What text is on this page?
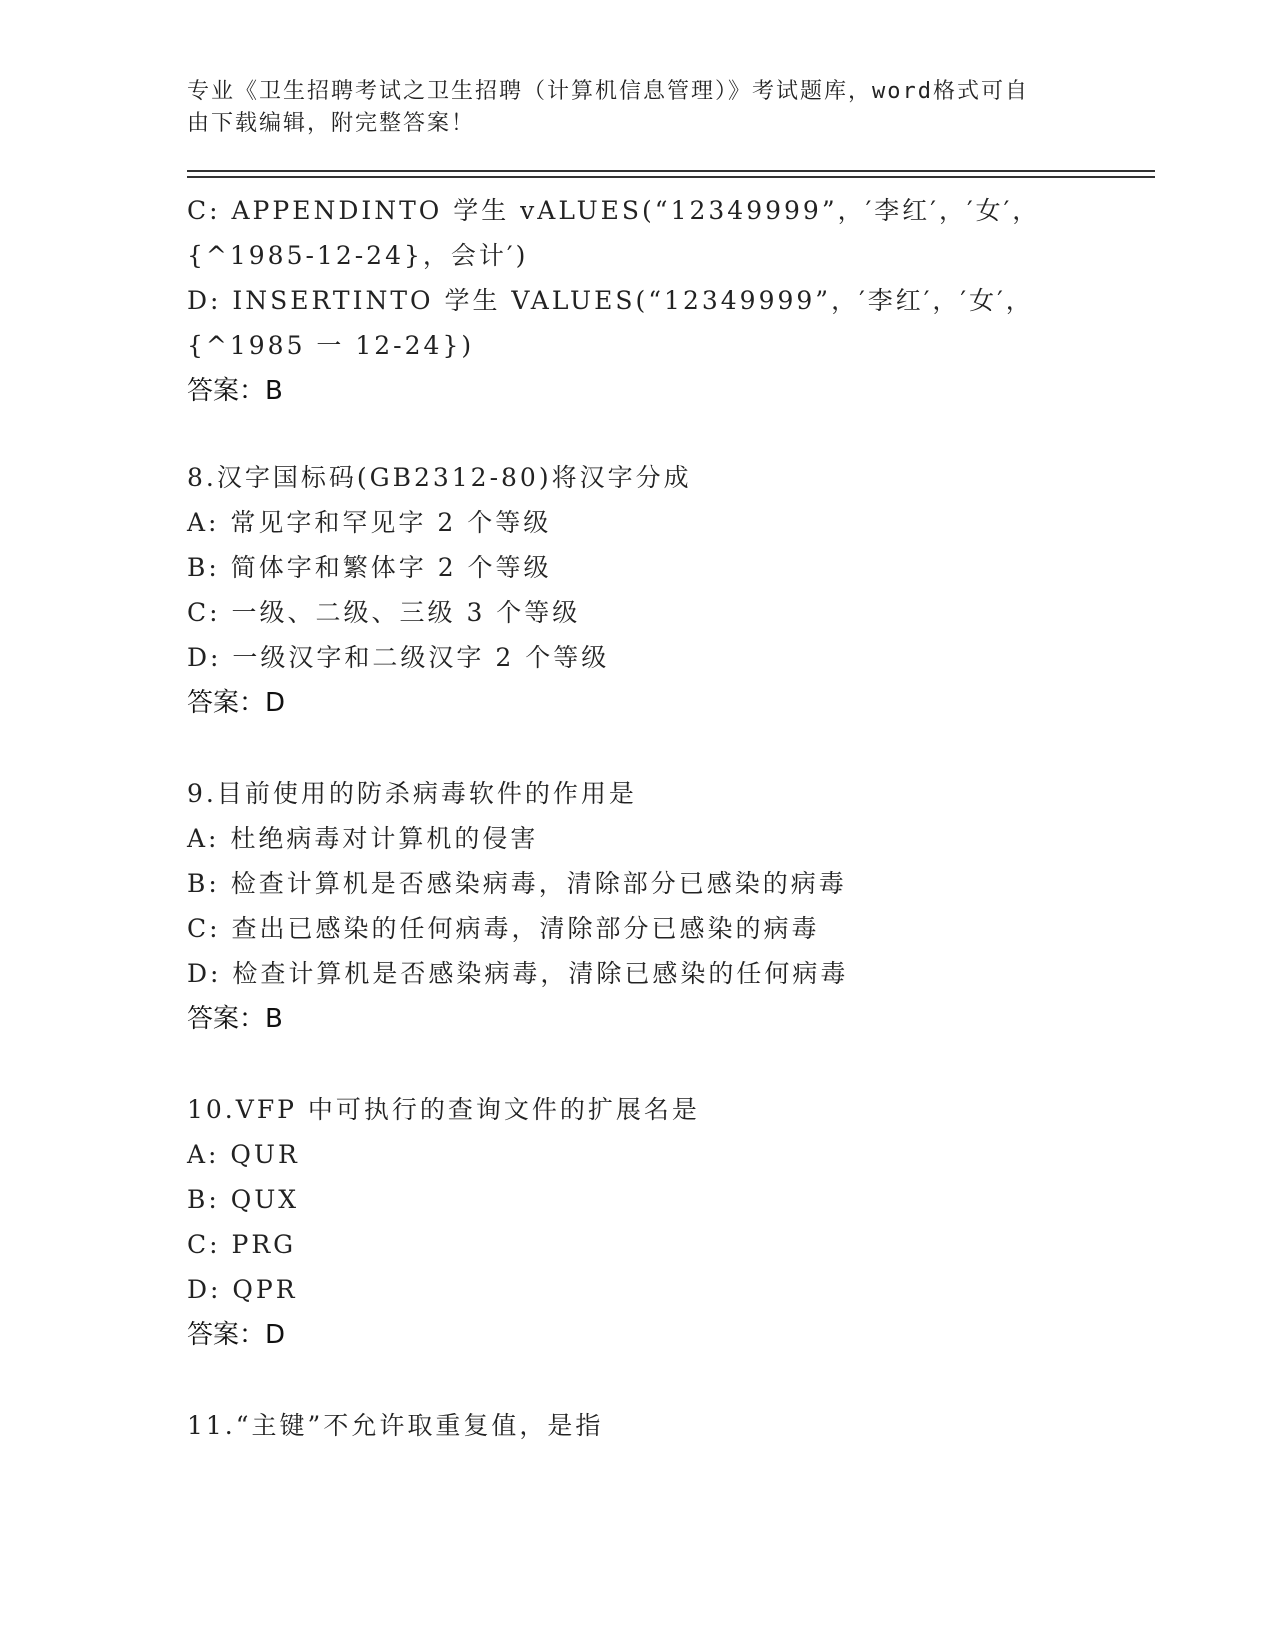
专业《卫生招聘考试之卫生招聘（计算机信息管理）》考试题库，word格式可自
由下载编辑，附完整答案！
C: APPENDINTO 学生 vALUES(“12349999”，′李红′，′女′，
{^1985-12-24}，会计′)
D: INSERTINTO 学生 VALUES(“12349999”，′李红′，′女′，
{^1985 一 12-24})
答案：B
8.汉字国标码(GB2312-80)将汉字分成
A: 常见字和罕见字 2 个等级
B: 简体字和繁体字 2 个等级
C: 一级、二级、三级 3 个等级
D: 一级汉字和二级汉字 2 个等级
答案：D
9.目前使用的防杀病毒软件的作用是
A: 杜绝病毒对计算机的侵害
B: 检查计算机是否感染病毒，清除部分已感染的病毒
C: 查出已感染的任何病毒，清除部分已感染的病毒
D: 检查计算机是否感染病毒，清除已感染的任何病毒
答案：B
10.VFP 中可执行的查询文件的扩展名是
A: QUR
B: QUX
C: PRG
D: QPR
答案：D
11.“主键”不允许取重复值，是指
